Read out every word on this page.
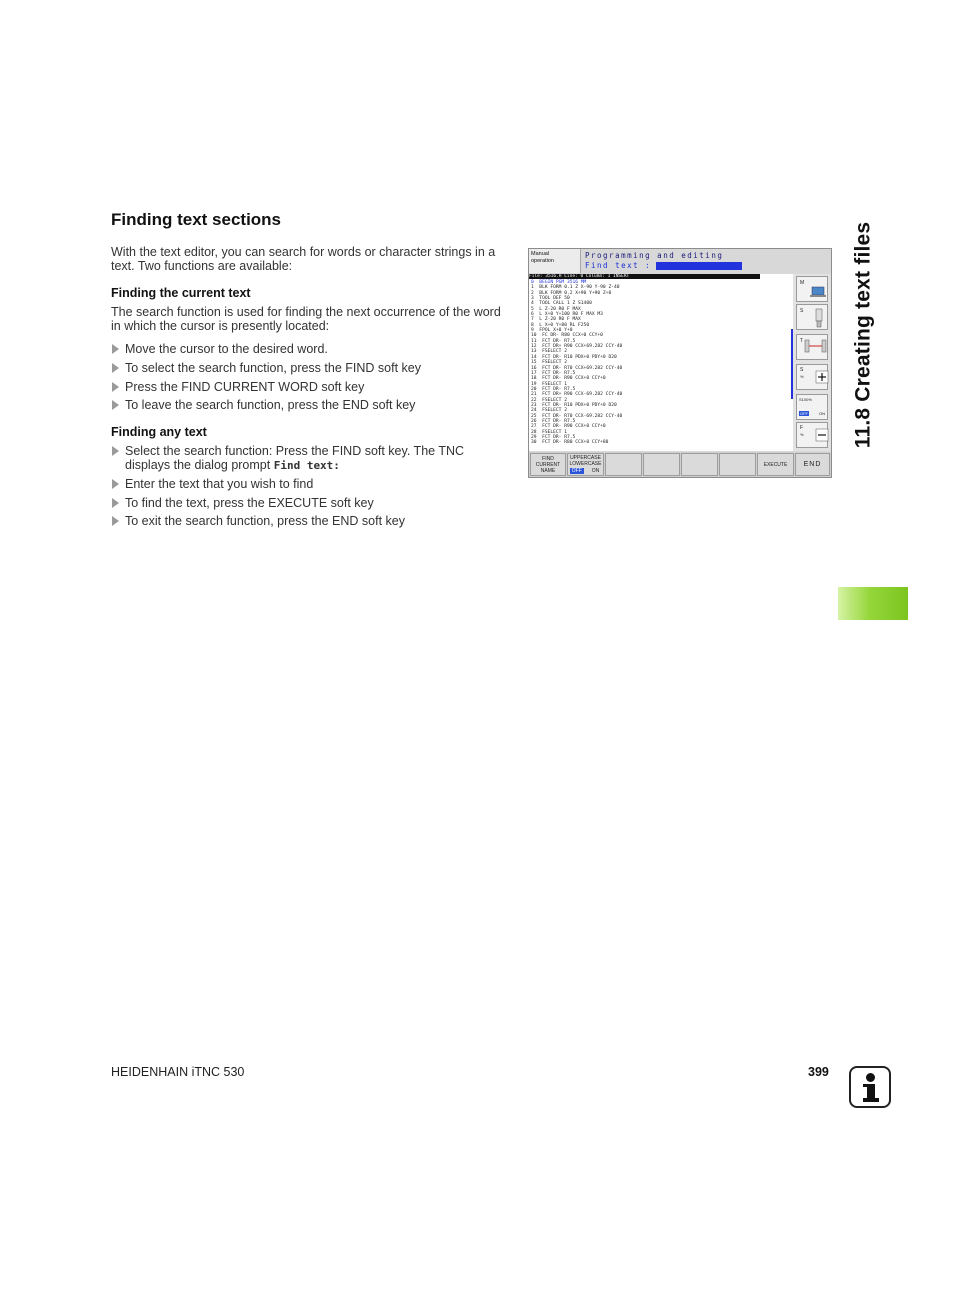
Finding text sections
With the text editor, you can search for words or character strings in a text. Two functions are available:
Finding the current text
The search function is used for finding the next occurrence of the word in which the cursor is presently located:
Move the cursor to the desired word.
To select the search function, press the FIND soft key
Press the FIND CURRENT WORD soft key
To leave the search function, press the END soft key
Finding any text
Select the search function: Press the FIND soft key. The TNC displays the dialog prompt Find text:
Enter the text that you wish to find
To find the text, press the EXECUTE soft key
To exit the search function, press the END soft key
11.8 Creating text files
Manual
operation
Programming and editing
Find text :
File: 3516.H Line: 0 Column: 1 INSERT
0  BEGIN PGM 3516 MM
1  BLK FORM 0.1 Z X-90 Y-90 Z-40
2  BLK FORM 0.2 X+90 Y+90 Z+0
3  TOOL DEF 50
4  TOOL CALL 1 Z S1400
5  L Z-20 R0 F MAX
6  L X+0 Y+100 R0 F MAX M3
7  L Z-20 R0 F MAX
8  L X+0 Y+80 RL F250
9  FPOL X+0 Y+0
10  FC DR- R80 CCX+0 CCY+0
11  FCT DR- R7.5
12  FCT DR+ R90 CCX+69.282 CCY-40
13  FSELECT 2
14  FCT DR- R10 PDX+0 PDY+0 D20
15  FSELECT 2
16  FCT DR- R70 CCX+69.282 CCY-40
17  FCT DR- R7.5
18  FCT DR- R90 CCX+0 CCY+0
19  FSELECT 1
20  FCT DR- R7.5
21  FCT DR+ R90 CCX-69.282 CCY-40
22  FSELECT 2
23  FCT DR- R10 PDX+0 PDY+0 D20
24  FSELECT 2
25  FCT DR- R70 CCX-69.282 CCY-40
26  FCT DR- R7.5
27  FCT DR- R90 CCX+0 CCY+0
28  FSELECT 1
29  FCT DR- R7.5
30  FCT DR- R80 CCX+0 CCY+80
M
S
T
S
%
S100%
OFF	ON
F
%
FIND
CURRENT
NAME
UPPERCASE
LOWERCASE
OFF	ON
EXECUTE END
HEIDENHAIN iTNC 530	399
